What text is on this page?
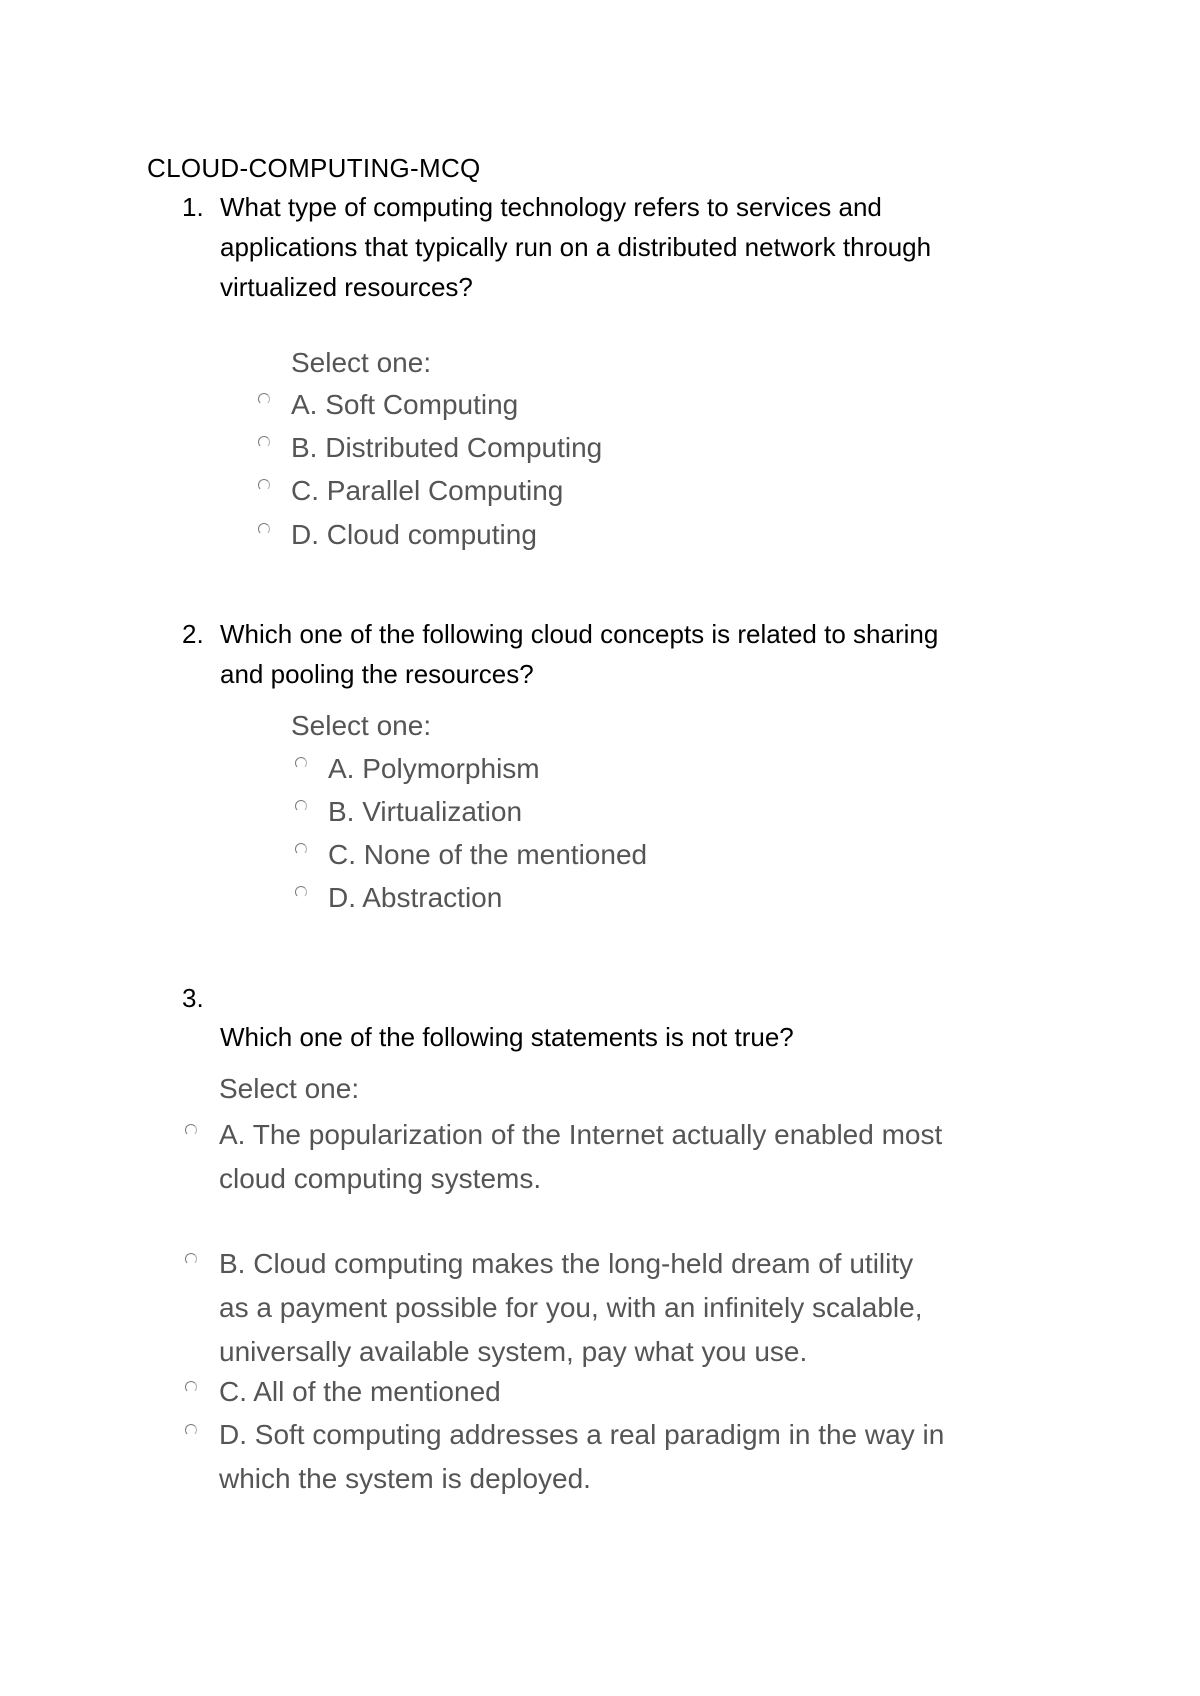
CLOUD-COMPUTING-MCQ
1. What type of computing technology refers to services and
applications that typically run on a distributed network through
virtualized resources?
Select one:
A. Soft Computing
B. Distributed Computing
C. Parallel Computing
D. Cloud computing
2. Which one of the following cloud concepts is related to sharing
and pooling the resources?
Select one:
A. Polymorphism
B. Virtualization
C. None of the mentioned
D. Abstraction
3.
Which one of the following statements is not true?
Select one:
A. The popularization of the Internet actually enabled most
cloud computing systems.
B. Cloud computing makes the long-held dream of utility
as a payment possible for you, with an infinitely scalable,
universally available system, pay what you use.
C. All of the mentioned
D. Soft computing addresses a real paradigm in the way in
which the system is deployed.
